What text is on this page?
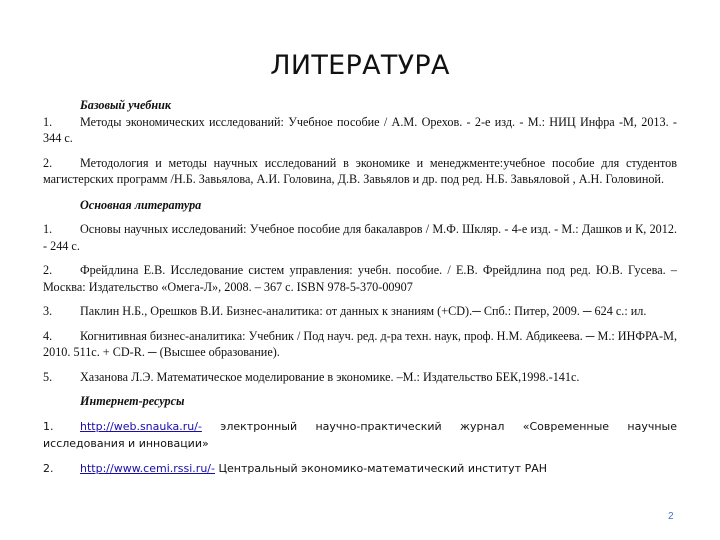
ЛИТЕРАТУРА
Базовый учебник

1. Методы экономических исследований: Учебное пособие / А.М. Орехов. - 2-е изд. - М.: НИЦ Инфра -М, 2013. - 344 с.

2. Методология и методы научных исследований в экономике и менеджменте:учебное пособие для студентов магистерских программ /Н.Б. Завьялова, А.И. Головина, Д.В. Завьялов и др. под ред. Н.Б. Завьяловой , А.Н. Головиной.

Основная литература

1. Основы научных исследований: Учебное пособие для бакалавров / М.Ф. Шкляр. - 4-е изд. - М.: Дашков и К, 2012. - 244 с.

2. Фрейдлина Е.В. Исследование систем управления: учебн. пособие. / Е.В. Фрейдлина под ред. Ю.В. Гусева. –Москва: Издательство «Омега-Л», 2008. – 367 с. ISBN 978-5-370-00907

3. Паклин Н.Б., Орешков В.И. Бизнес-аналитика: от данных к знаниям (+CD).─ Спб.: Питер, 2009. ─ 624 с.: ил.

4. Когнитивная бизнес-аналитика: Учебник / Под науч. ред. д-ра техн. наук, проф. Н.М. Абдикеева. ─ М.: ИНФРА-М, 2010. 511с. + CD-R. ─ (Высшее образование).

5. Хазанова Л.Э. Математическое моделирование в экономике. –М.: Издательство БЕК,1998.-141с.

Интернет-ресурсы

1. http://web.snauka.ru/- электронный научно-практический журнал «Современные научные исследования и инновации»

2. http://www.cemi.rssi.ru/- Центральный экономико-математический институт РАН

2
